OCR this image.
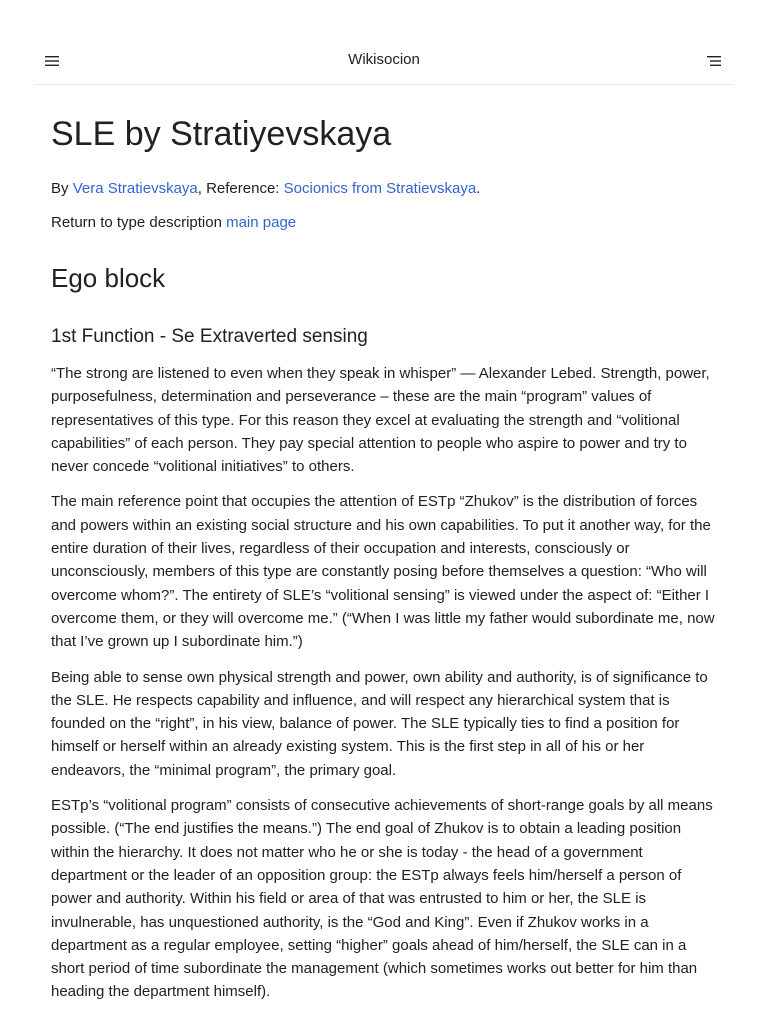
Wikisocion
SLE by Stratiyevskaya

By Vera Stratievskaya, Reference: Socionics from Stratievskaya.

Return to type description main page

Ego block
1st Function - Se Extraverted sensing

“The strong are listened to even when they speak in whisper” — Alexander Lebed. Strength, power, purposefulness, determination and perseverance – these are the main “program” values of representatives of this type. For this reason they excel at evaluating the strength and “volitional capabilities” of each person. They pay special attention to people who aspire to power and try to never concede “volitional initiatives” to others.

The main reference point that occupies the attention of ESTp “Zhukov” is the distribution of forces and powers within an existing social structure and his own capabilities. To put it another way, for the entire duration of their lives, regardless of their occupation and interests, consciously or unconsciously, members of this type are constantly posing before themselves a question: “Who will overcome whom?”. The entirety of SLE’s “volitional sensing” is viewed under the aspect of: “Either I overcome them, or they will overcome me.” (“When I was little my father would subordinate me, now that I’ve grown up I subordinate him.”)

Being able to sense own physical strength and power, own ability and authority, is of significance to the SLE. He respects capability and influence, and will respect any hierarchical system that is founded on the “right”, in his view, balance of power. The SLE typically ties to find a position for himself or herself within an already existing system. This is the first step in all of his or her endeavors, the “minimal program”, the primary goal.

ESTp’s “volitional program” consists of consecutive achievements of short-range goals by all means possible. (“The end justifies the means.”) The end goal of Zhukov is to obtain a leading position within the hierarchy. It does not matter who he or she is today - the head of a government department or the leader of an opposition group: the ESTp always feels him/herself a person of power and authority. Within his field or area of that was entrusted to him or her, the SLE is invulnerable, has unquestioned authority, is the “God and King”. Even if Zhukov works in a department as a regular employee, setting “higher” goals ahead of him/herself, the SLE can in a short period of time subordinate the management (which sometimes works out better for him than heading the department himself).
